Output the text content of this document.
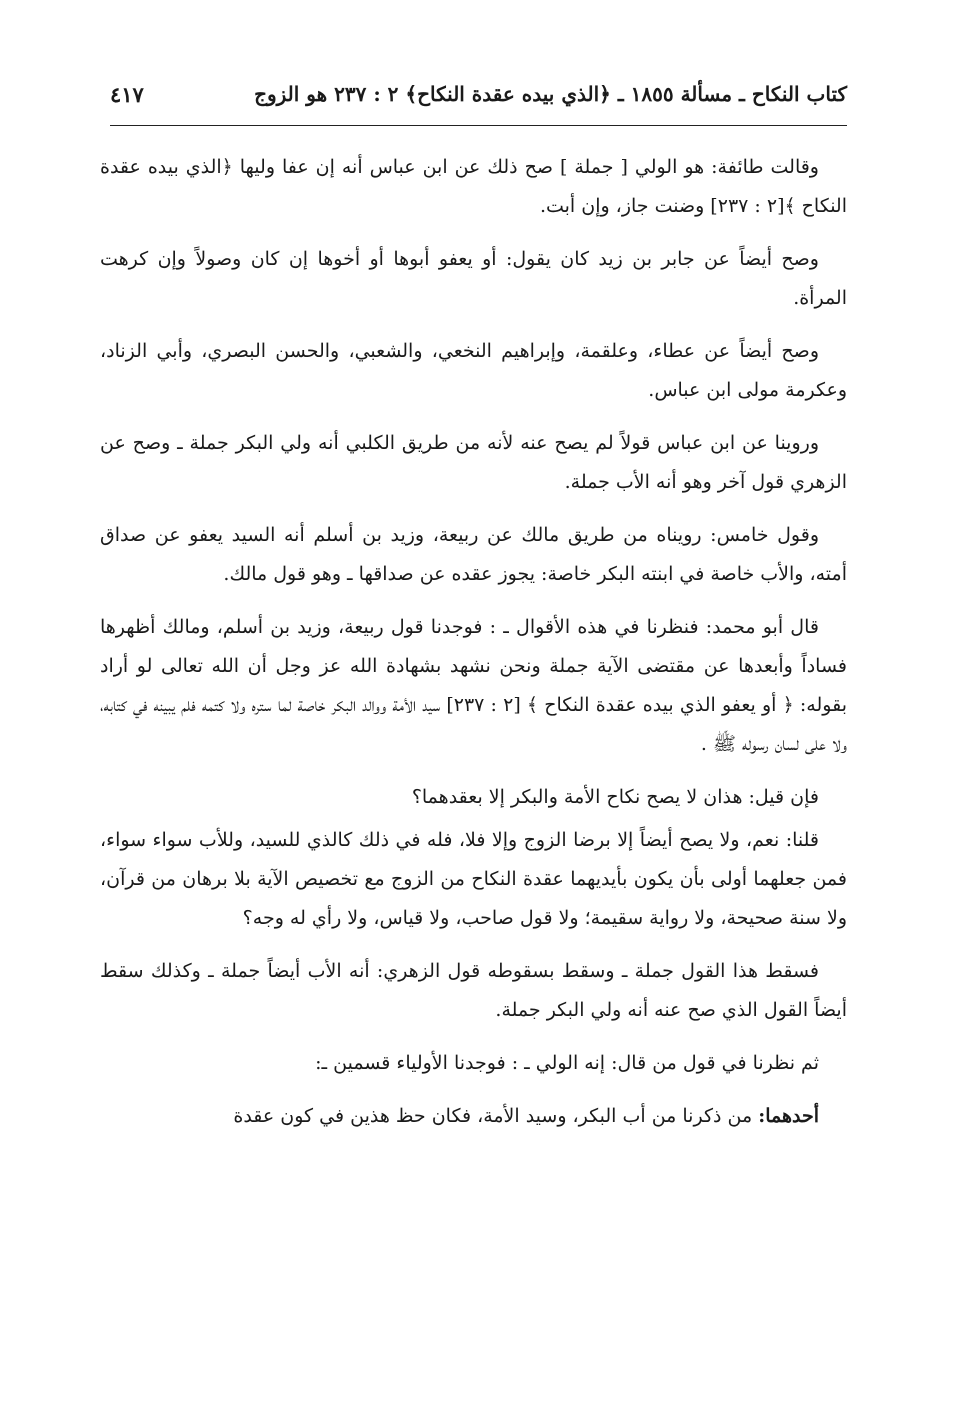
كتاب النكاح ـ مسألة ١٨٥٥ ـ ﴿الذي بيده عقدة النكاح﴾ ٢ : ٢٣٧ هو الزوج
٤١٧

وقالت طائفة: هو الولي [ جملة ] صح ذلك عن ابن عباس أنه إن عفا وليها ﴿الذي بيده عقدة النكاح ﴾[٢ : ٢٣٧] وضنت جاز، وإن أبت.

وصح أيضاً عن جابر بن زيد كان يقول: أو يعفو أبوها أو أخوها إن كان وصولاً وإن كرهت المرأة.

وصح أيضاً عن عطاء، وعلقمة، وإبراهيم النخعي، والشعبي، والحسن البصري، وأبي الزناد، وعكرمة مولى ابن عباس.

وروينا عن ابن عباس قولاً لم يصح عنه لأنه من طريق الكلبي أنه ولي البكر جملة ـ وصح عن الزهري قول آخر وهو أنه الأب جملة.

وقول خامس: رويناه من طريق مالك عن ربيعة، وزيد بن أسلم أنه السيد يعفو عن صداق أمته، والأب خاصة في ابنته البكر خاصة: يجوز عقده عن صداقها ـ وهو قول مالك.

قال أبو محمد: فنظرنا في هذه الأقوال ـ : فوجدنا قول ربيعة، وزيد بن أسلم، ومالك أظهرها فساداً وأبعدها عن مقتضى الآية جملة ونحن نشهد بشهادة الله عز وجل أن الله تعالى لو أراد بقوله: ﴿ أو يعفو الذي بيده عقدة النكاح ﴾ [٢ : ٢٣٧] سيد الأمة ووالد البكر خاصة لما ستره ولا كتمه فلم يبينه في كتابه، ولا على لسان رسوله ﷺ .

فإن قيل: هذان لا يصح نكاح الأمة والبكر إلا بعقدهما؟

قلنا: نعم، ولا يصح أيضاً إلا برضا الزوج وإلا فلا، فله في ذلك كالذي للسيد، وللأب سواء سواء، فمن جعلهما أولى بأن يكون بأيديهما عقدة النكاح من الزوج مع تخصيص الآية بلا برهان من قرآن، ولا سنة صحيحة، ولا رواية سقيمة؛ ولا قول صاحب، ولا قياس، ولا رأي له وجه؟

فسقط هذا القول جملة ـ وسقط بسقوطه قول الزهري: أنه الأب أيضاً جملة ـ وكذلك سقط أيضاً القول الذي صح عنه أنه ولي البكر جملة.

ثم نظرنا في قول من قال: إنه الولي ـ : فوجدنا الأولياء قسمين ـ:

أحدهما: من ذكرنا من أب البكر، وسيد الأمة، فكان حظ هذين في كون عقدة
